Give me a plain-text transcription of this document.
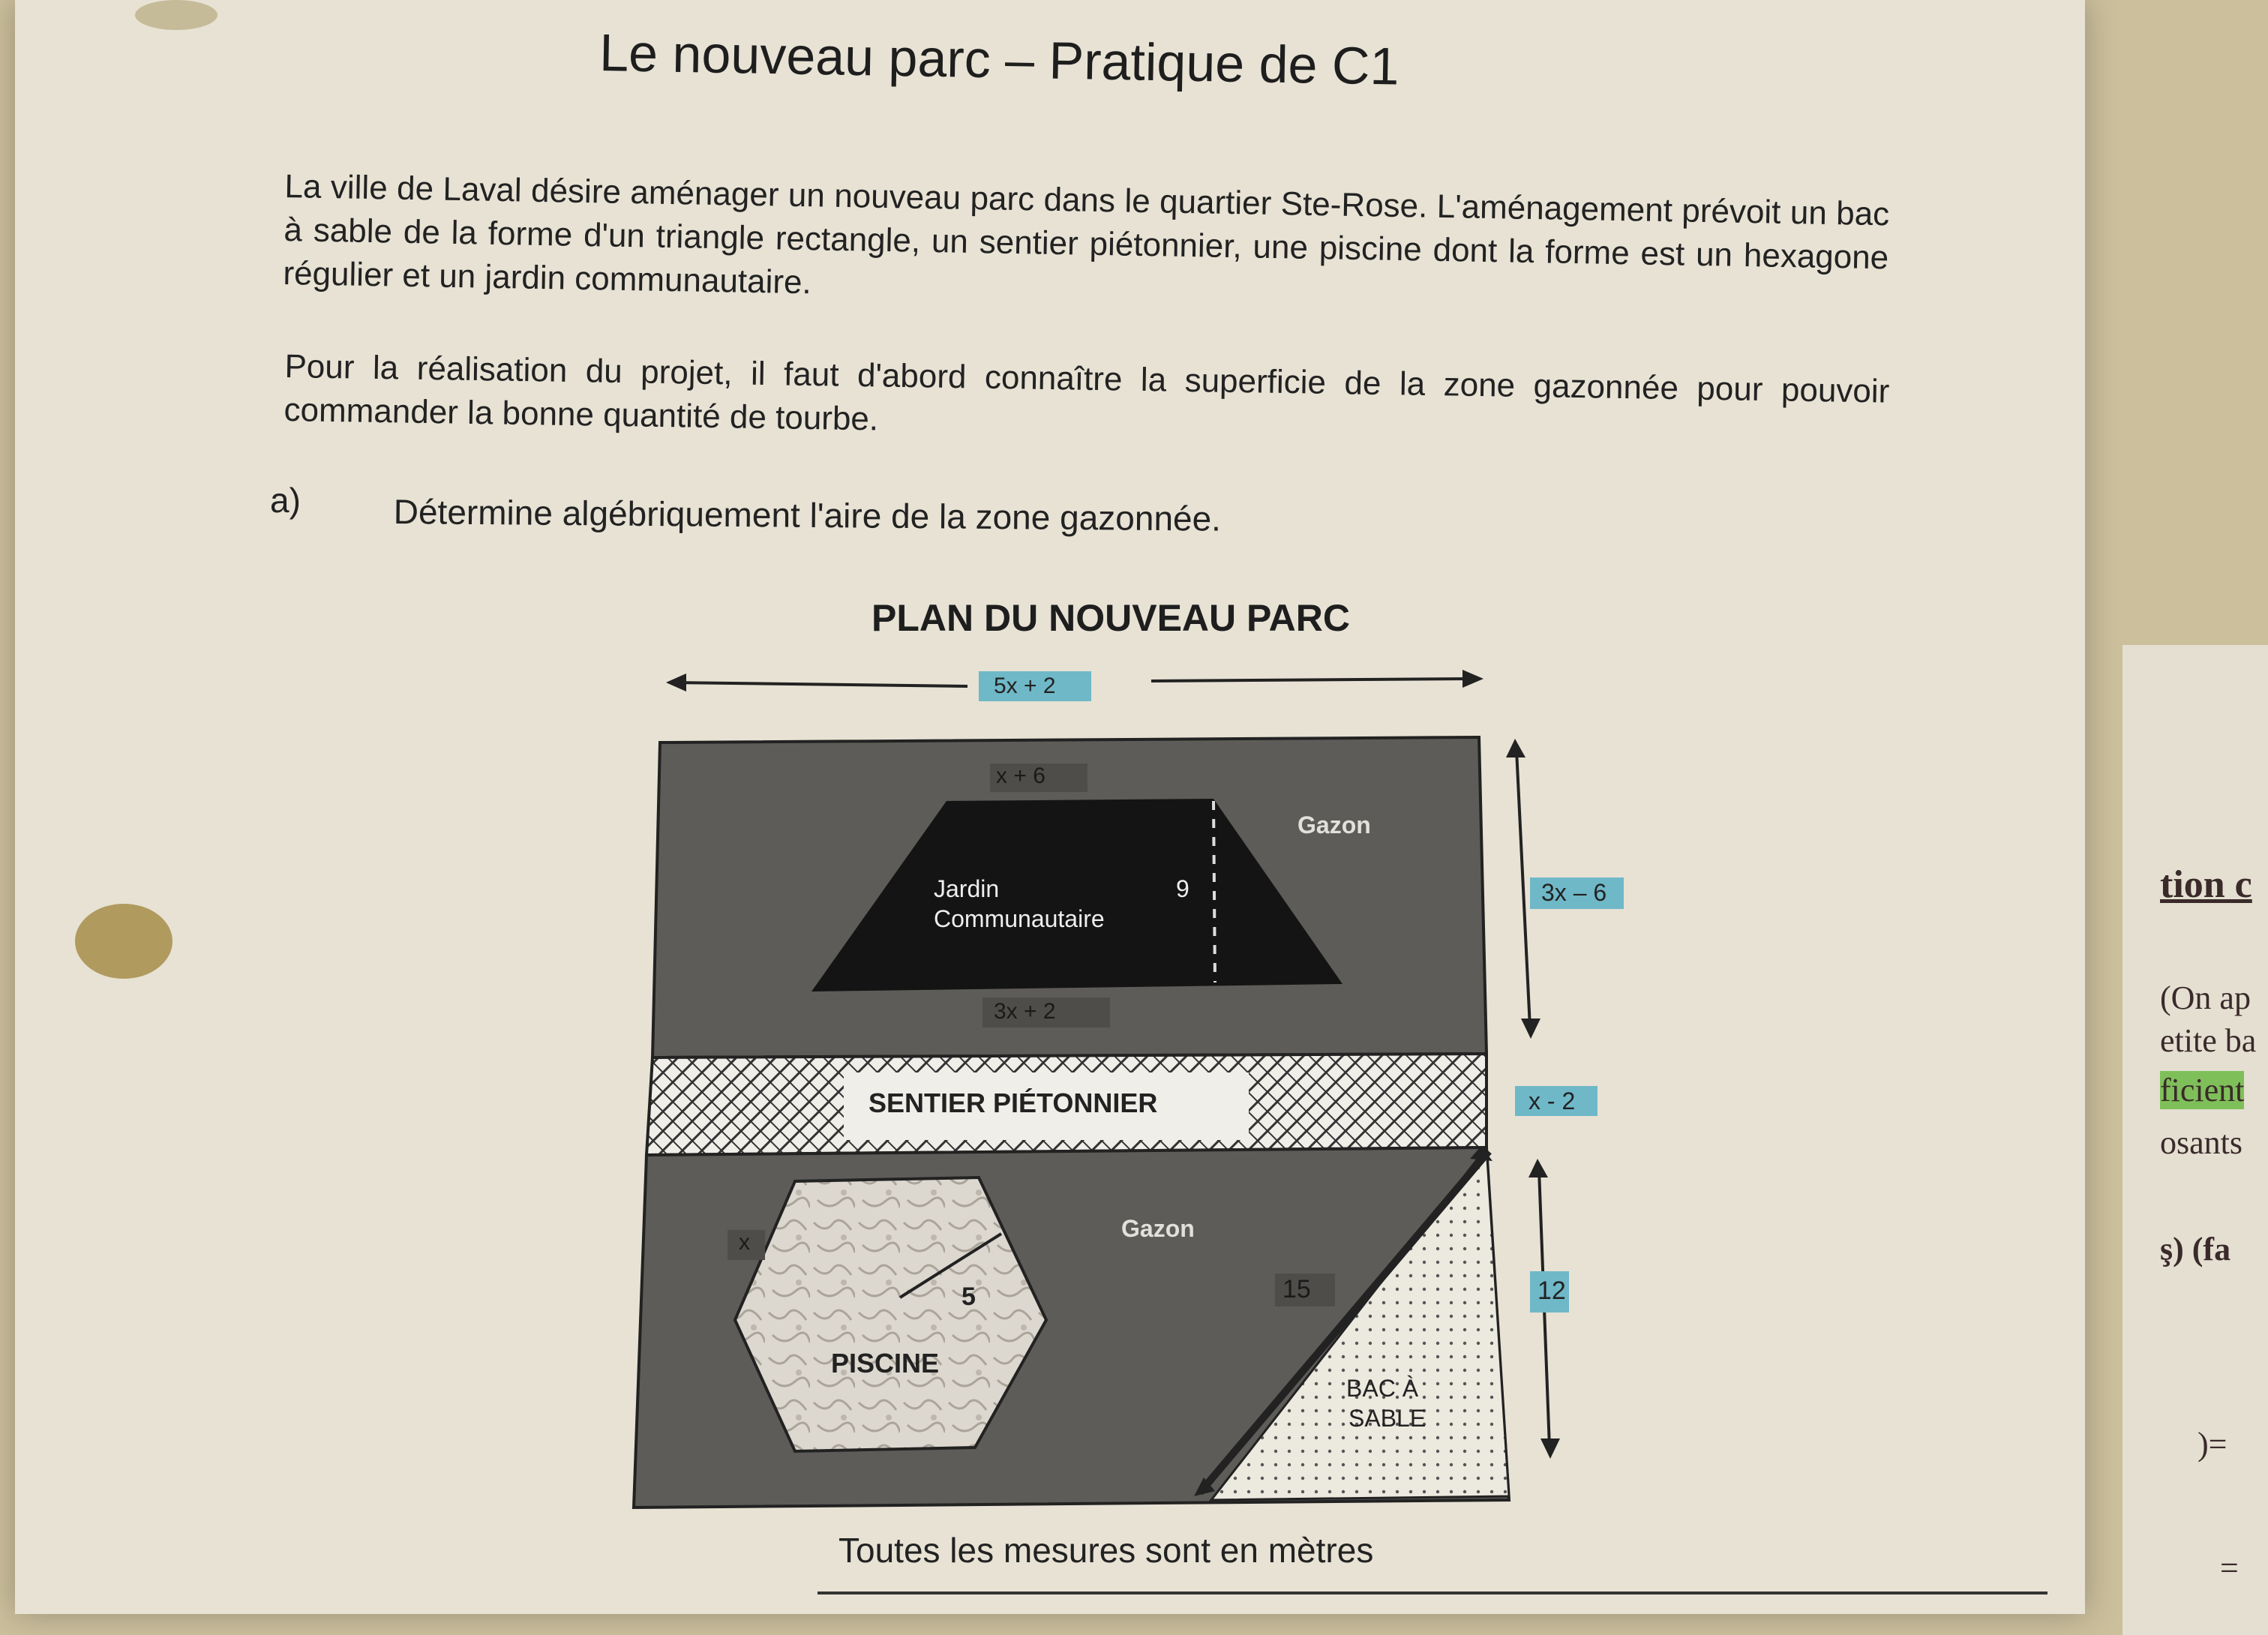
Le nouveau parc – Pratique de C1
La ville de Laval désire aménager un nouveau parc dans le quartier Ste-Rose. L'aménagement prévoit un bac à sable de la forme d'un triangle rectangle, un sentier piétonnier, une piscine dont la forme est un hexagone régulier et un jardin communautaire.
Pour la réalisation du projet, il faut d'abord connaître la superficie de la zone gazonnée pour pouvoir commander la bonne quantité de tourbe.
a)	Détermine algébriquement l'aire de la zone gazonnée.
PLAN DU NOUVEAU PARC
5x + 2
x + 6
Gazon
Jardin
Communautaire
9
3x + 2
3x – 6
SENTIER PIÉTONNIER	x - 2
x
Gazon
5	15	12
PISCINE
BAC À
SABLE
Toutes les mesures sont en mètres
tion c
(On ap
etite ba
ficient
osants
ş) (fa
)=
=
